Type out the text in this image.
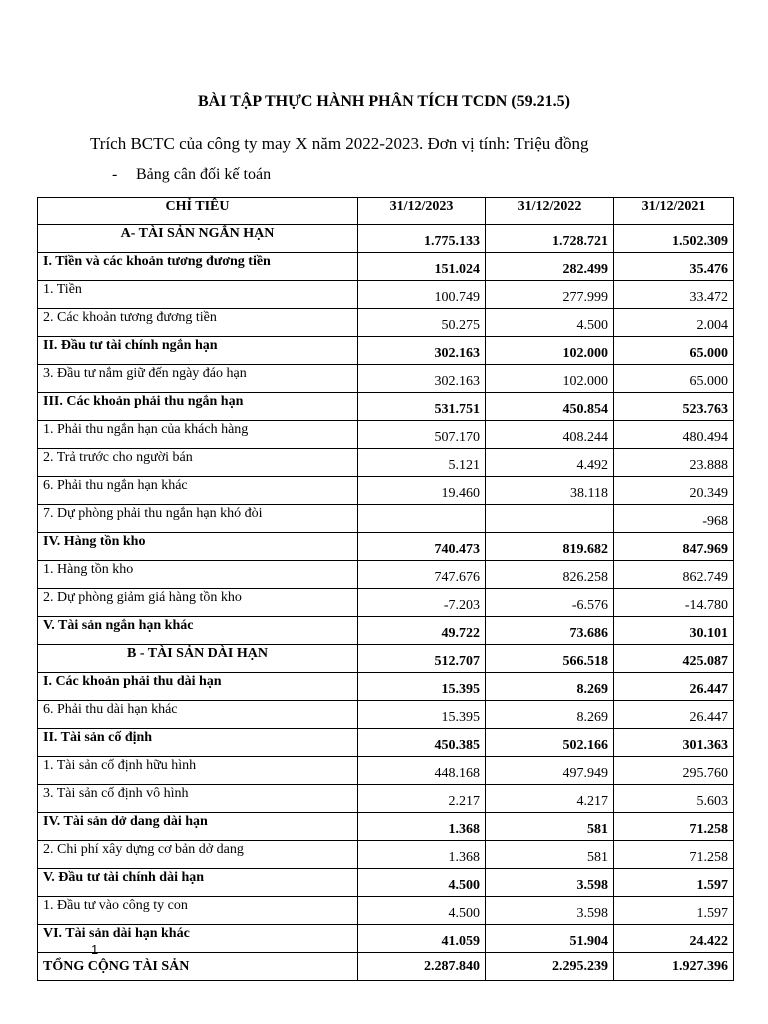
BÀI TẬP THỰC HÀNH PHÂN TÍCH TCDN (59.21.5)
Trích BCTC của công ty may X năm 2022-2023. Đơn vị tính: Triệu đồng
- Bảng cân đối kế toán
CHỈ TIÊU	31/12/2023	31/12/2022	31/12/2021
A- TÀI SẢN NGẮN HẠN	1.775.133	1.728.721	1.502.309
I. Tiền và các khoản tương đương tiền	151.024	282.499	35.476
1. Tiền	100.749	277.999	33.472
2. Các khoản tương đương tiền	50.275	4.500	2.004
II. Đầu tư tài chính ngắn hạn	302.163	102.000	65.000
3. Đầu tư nắm giữ đến ngày đáo hạn	302.163	102.000	65.000
III. Các khoản phải thu ngắn hạn	531.751	450.854	523.763
1. Phải thu ngắn hạn của khách hàng	507.170	408.244	480.494
2. Trả trước cho người bán	5.121	4.492	23.888
6. Phải thu ngắn hạn khác	19.460	38.118	20.349
7. Dự phòng phải thu ngắn hạn khó đòi			-968
IV. Hàng tồn kho	740.473	819.682	847.969
1. Hàng tồn kho	747.676	826.258	862.749
2. Dự phòng giảm giá hàng tồn kho	-7.203	-6.576	-14.780
V. Tài sản ngắn hạn khác	49.722	73.686	30.101
B - TÀI SẢN DÀI HẠN	512.707	566.518	425.087
I. Các khoản phải thu dài hạn	15.395	8.269	26.447
6. Phải thu dài hạn khác	15.395	8.269	26.447
II. Tài sản cố định	450.385	502.166	301.363
1. Tài sản cố định hữu hình	448.168	497.949	295.760
3. Tài sản cố định vô hình	2.217	4.217	5.603
IV. Tài sản dở dang dài hạn	1.368	581	71.258
2. Chi phí xây dựng cơ bản dở dang	1.368	581	71.258
V. Đầu tư tài chính dài hạn	4.500	3.598	1.597
1. Đầu tư vào công ty con	4.500	3.598	1.597
VI. Tài sản dài hạn khác	41.059	51.904	24.422
TỔNG CỘNG TÀI SẢN	2.287.840	2.295.239	1.927.396
1
